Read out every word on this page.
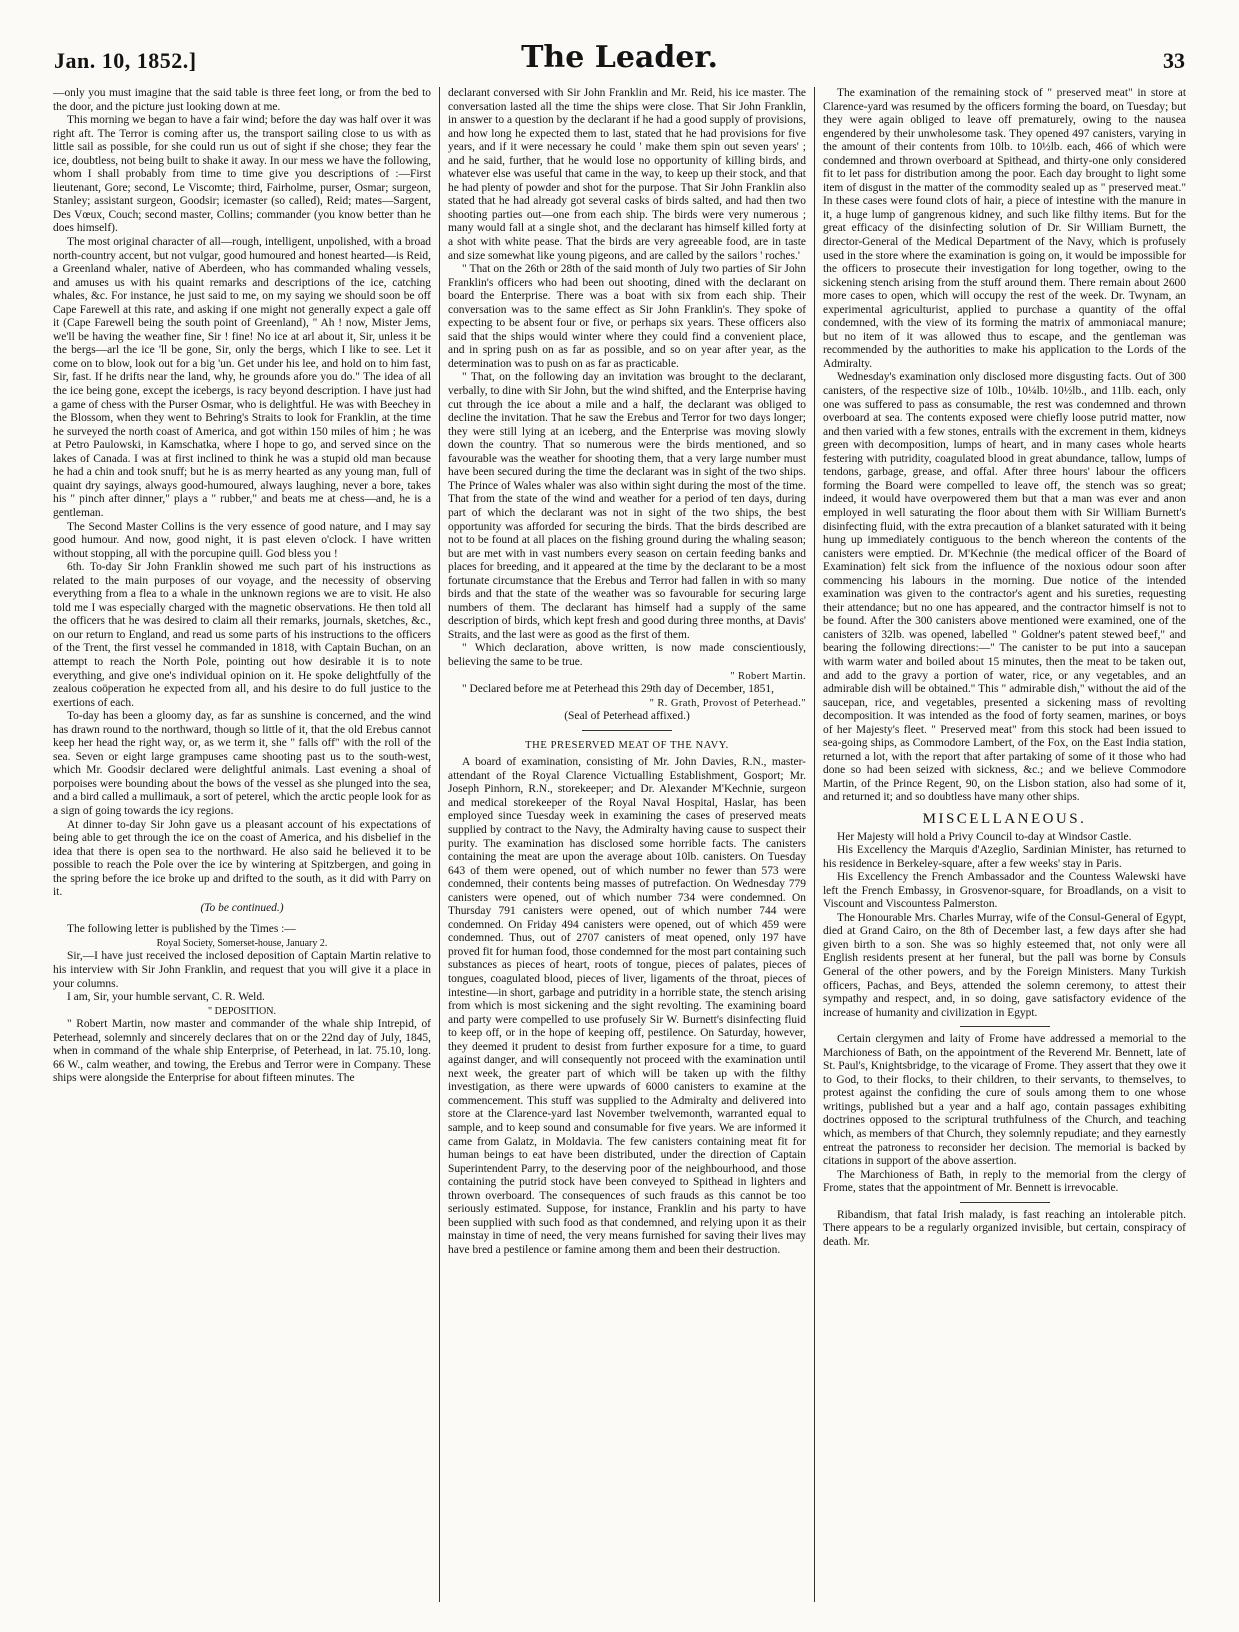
Jan. 10, 1852.]	The Leader.	33

—only you must imagine that the said table is three feet long, or from the bed to the door, and the picture just looking down at me.

This morning we began to have a fair wind; before the day was half over it was right aft. The Terror is coming after us, the transport sailing close to us with as little sail as possible, for she could run us out of sight if she chose; they fear the ice, doubtless, not being built to shake it away. In our mess we have the following, whom I shall probably from time to time give you descriptions of :—First lieutenant, Gore; second, Le Viscomte; third, Fairholme, purser, Osmar; surgeon, Stanley; assistant surgeon, Goodsir; icemaster (so called), Reid; mates—Sargent, Des Vœux, Couch; second master, Collins; commander (you know better than he does himself).

The most original character of all—rough, intelligent, unpolished, with a broad north-country accent, but not vulgar, good humoured and honest hearted—is Reid, a Greenland whaler, native of Aberdeen, who has commanded whaling vessels, and amuses us with his quaint remarks and descriptions of the ice, catching whales, &c. For instance, he just said to me, on my saying we should soon be off Cape Farewell at this rate, and asking if one might not generally expect a gale off it (Cape Farewell being the south point of Greenland), " Ah ! now, Mister Jems, we'll be having the weather fine, Sir ! fine! No ice at arl about it, Sir, unless it be the bergs—arl the ice 'll be gone, Sir, only the bergs, which I like to see. Let it come on to blow, look out for a big 'un. Get under his lee, and hold on to him fast, Sir, fast. If he drifts near the land, why, he grounds afore you do." The idea of all the ice being gone, except the icebergs, is racy beyond description. I have just had a game of chess with the Purser Osmar, who is delightful. He was with Beechey in the Blossom, when they went to Behring's Straits to look for Franklin, at the time he surveyed the north coast of America, and got within 150 miles of him ; he was at Petro Paulowski, in Kamschatka, where I hope to go, and served since on the lakes of Canada. I was at first inclined to think he was a stupid old man because he had a chin and took snuff; but he is as merry hearted as any young man, full of quaint dry sayings, always good-humoured, always laughing, never a bore, takes his " pinch after dinner," plays a " rubber," and beats me at chess—and, he is a gentleman.

The Second Master Collins is the very essence of good nature, and I may say good humour. And now, good night, it is past eleven o'clock. I have written without stopping, all with the porcupine quill. God bless you !

6th. To-day Sir John Franklin showed me such part of his instructions as related to the main purposes of our voyage, and the necessity of observing everything from a flea to a whale in the unknown regions we are to visit. He also told me I was especially charged with the magnetic observations. He then told all the officers that he was desired to claim all their remarks, journals, sketches, &c., on our return to England, and read us some parts of his instructions to the officers of the Trent, the first vessel he commanded in 1818, with Captain Buchan, on an attempt to reach the North Pole, pointing out how desirable it is to note everything, and give one's individual opinion on it. He spoke delightfully of the zealous coöperation he expected from all, and his desire to do full justice to the exertions of each.

To-day has been a gloomy day, as far as sunshine is concerned, and the wind has drawn round to the northward, though so little of it, that the old Erebus cannot keep her head the right way, or, as we term it, she " falls off" with the roll of the sea. Seven or eight large grampuses came shooting past us to the south-west, which Mr. Goodsir declared were delightful animals. Last evening a shoal of porpoises were bounding about the bows of the vessel as she plunged into the sea, and a bird called a mullimauk, a sort of peterel, which the arctic people look for as a sign of going towards the icy regions.

At dinner to-day Sir John gave us a pleasant account of his expectations of being able to get through the ice on the coast of America, and his disbelief in the idea that there is open sea to the northward. He also said he believed it to be possible to reach the Pole over the ice by wintering at Spitzbergen, and going in the spring before the ice broke up and drifted to the south, as it did with Parry on it.

(To be continued.)

The following letter is published by the Times :—

Royal Society, Somerset-house, January 2.

Sir,—I have just received the inclosed deposition of Captain Martin relative to his interview with Sir John Franklin, and request that you will give it a place in your columns.

I am, Sir, your humble servant, C. R. Weld.

" DEPOSITION.

" Robert Martin, now master and commander of the whale ship Intrepid, of Peterhead, solemnly and sincerely declares that on or the 22nd day of July, 1845, when in command of the whale ship Enterprise, of Peterhead, in lat. 75.10, long. 66 W., calm weather, and towing, the Erebus and Terror were in Company. These ships were alongside the Enterprise for about fifteen minutes. The

declarant conversed with Sir John Franklin and Mr. Reid, his ice master. The conversation lasted all the time the ships were close. That Sir John Franklin, in answer to a question by the declarant if he had a good supply of provisions, and how long he expected them to last, stated that he had provisions for five years, and if it were necessary he could ' make them spin out seven years' ; and he said, further, that he would lose no opportunity of killing birds, and whatever else was useful that came in the way, to keep up their stock, and that he had plenty of powder and shot for the purpose. That Sir John Franklin also stated that he had already got several casks of birds salted, and had then two shooting parties out—one from each ship. The birds were very numerous ; many would fall at a single shot, and the declarant has himself killed forty at a shot with white pease. That the birds are very agreeable food, are in taste and size somewhat like young pigeons, and are called by the sailors ' roches.'

" That on the 26th or 28th of the said month of July two parties of Sir John Franklin's officers who had been out shooting, dined with the declarant on board the Enterprise. There was a boat with six from each ship. Their conversation was to the same effect as Sir John Franklin's. They spoke of expecting to be absent four or five, or perhaps six years. These officers also said that the ships would winter where they could find a convenient place, and in spring push on as far as possible, and so on year after year, as the determination was to push on as far as practicable.

" That, on the following day an invitation was brought to the declarant, verbally, to dine with Sir John, but the wind shifted, and the Enterprise having cut through the ice about a mile and a half, the declarant was obliged to decline the invitation. That he saw the Erebus and Terror for two days longer; they were still lying at an iceberg, and the Enterprise was moving slowly down the country. That so numerous were the birds mentioned, and so favourable was the weather for shooting them, that a very large number must have been secured during the time the declarant was in sight of the two ships. The Prince of Wales whaler was also within sight during the most of the time. That from the state of the wind and weather for a period of ten days, during part of which the declarant was not in sight of the two ships, the best opportunity was afforded for securing the birds. That the birds described are not to be found at all places on the fishing ground during the whaling season; but are met with in vast numbers every season on certain feeding banks and places for breeding, and it appeared at the time by the declarant to be a most fortunate circumstance that the Erebus and Terror had fallen in with so many birds and that the state of the weather was so favourable for securing large numbers of them. The declarant has himself had a supply of the same description of birds, which kept fresh and good during three months, at Davis' Straits, and the last were as good as the first of them.

" Which declaration, above written, is now made conscientiously, believing the same to be true.

" Robert Martin.

" Declared before me at Peterhead this 29th day of December, 1851,

" R. Grath, Provost of Peterhead."

(Seal of Peterhead affixed.)

THE PRESERVED MEAT OF THE NAVY.

A board of examination, consisting of Mr. John Davies, R.N., master-attendant of the Royal Clarence Victualling Establishment, Gosport; Mr. Joseph Pinhorn, R.N., storekeeper; and Dr. Alexander M'Kechnie, surgeon and medical storekeeper of the Royal Naval Hospital, Haslar, has been employed since Tuesday week in examining the cases of preserved meats supplied by contract to the Navy, the Admiralty having cause to suspect their purity. The examination has disclosed some horrible facts. The canisters containing the meat are upon the average about 10lb. canisters. On Tuesday 643 of them were opened, out of which number no fewer than 573 were condemned, their contents being masses of putrefaction. On Wednesday 779 canisters were opened, out of which number 734 were condemned. On Thursday 791 canisters were opened, out of which number 744 were condemned. On Friday 494 canisters were opened, out of which 459 were condemned. Thus, out of 2707 canisters of meat opened, only 197 have proved fit for human food, those condemned for the most part containing such substances as pieces of heart, roots of tongue, pieces of palates, pieces of tongues, coagulated blood, pieces of liver, ligaments of the throat, pieces of intestine—in short, garbage and putridity in a horrible state, the stench arising from which is most sickening and the sight revolting. The examining board and party were compelled to use profusely Sir W. Burnett's disinfecting fluid to keep off, or in the hope of keeping off, pestilence. On Saturday, however, they deemed it prudent to desist from further exposure for a time, to guard against danger, and will consequently not proceed with the examination until next week, the greater part of which will be taken up with the filthy investigation, as there were upwards of 6000 canisters to examine at the commencement. This stuff was supplied to the Admiralty and delivered into store at the Clarence-yard last November twelvemonth, warranted equal to sample, and to keep sound and consumable for five years. We are informed it came from Galatz, in Moldavia. The few canisters containing meat fit for human beings to eat have been distributed, under the direction of Captain Superintendent Parry, to the deserving poor of the neighbourhood, and those containing the putrid stock have been conveyed to Spithead in lighters and thrown overboard. The consequences of such frauds as this cannot be too seriously estimated. Suppose, for instance, Franklin and his party to have been supplied with such food as that condemned, and relying upon it as their mainstay in time of need, the very means furnished for saving their lives may have bred a pestilence or famine among them and been their destruction.

The examination of the remaining stock of " preserved meat" in store at Clarence-yard was resumed by the officers forming the board, on Tuesday; but they were again obliged to leave off prematurely, owing to the nausea engendered by their unwholesome task. They opened 497 canisters, varying in the amount of their contents from 10lb. to 10½lb. each, 466 of which were condemned and thrown overboard at Spithead, and thirty-one only considered fit to let pass for distribution among the poor. Each day brought to light some item of disgust in the matter of the commodity sealed up as " preserved meat." In these cases were found clots of hair, a piece of intestine with the manure in it, a huge lump of gangrenous kidney, and such like filthy items. But for the great efficacy of the disinfecting solution of Dr. Sir William Burnett, the director-General of the Medical Department of the Navy, which is profusely used in the store where the examination is going on, it would be impossible for the officers to prosecute their investigation for long together, owing to the sickening stench arising from the stuff around them. There remain about 2600 more cases to open, which will occupy the rest of the week. Dr. Twynam, an experimental agriculturist, applied to purchase a quantity of the offal condemned, with the view of its forming the matrix of ammoniacal manure; but no item of it was allowed thus to escape, and the gentleman was recommended by the authorities to make his application to the Lords of the Admiralty.

Wednesday's examination only disclosed more disgusting facts. Out of 300 canisters, of the respective size of 10lb., 10¼lb. 10½lb., and 11lb. each, only one was suffered to pass as consumable, the rest was condemned and thrown overboard at sea. The contents exposed were chiefly loose putrid matter, now and then varied with a few stones, entrails with the excrement in them, kidneys green with decomposition, lumps of heart, and in many cases whole hearts festering with putridity, coagulated blood in great abundance, tallow, lumps of tendons, garbage, grease, and offal. After three hours' labour the officers forming the Board were compelled to leave off, the stench was so great; indeed, it would have overpowered them but that a man was ever and anon employed in well saturating the floor about them with Sir William Burnett's disinfecting fluid, with the extra precaution of a blanket saturated with it being hung up immediately contiguous to the bench whereon the contents of the canisters were emptied. Dr. M'Kechnie (the medical officer of the Board of Examination) felt sick from the influence of the noxious odour soon after commencing his labours in the morning. Due notice of the intended examination was given to the contractor's agent and his sureties, requesting their attendance; but no one has appeared, and the contractor himself is not to be found. After the 300 canisters above mentioned were examined, one of the canisters of 32lb. was opened, labelled " Goldner's patent stewed beef," and bearing the following directions:—" The canister to be put into a saucepan with warm water and boiled about 15 minutes, then the meat to be taken out, and add to the gravy a portion of water, rice, or any vegetables, and an admirable dish will be obtained." This " admirable dish," without the aid of the saucepan, rice, and vegetables, presented a sickening mass of revolting decomposition. It was intended as the food of forty seamen, marines, or boys of her Majesty's fleet. " Preserved meat" from this stock had been issued to sea-going ships, as Commodore Lambert, of the Fox, on the East India station, returned a lot, with the report that after partaking of some of it those who had done so had been seized with sickness, &c.; and we believe Commodore Martin, of the Prince Regent, 90, on the Lisbon station, also had some of it, and returned it; and so doubtless have many other ships.

MISCELLANEOUS.

Her Majesty will hold a Privy Council to-day at Windsor Castle.

His Excellency the Marquis d'Azeglio, Sardinian Minister, has returned to his residence in Berkeley-square, after a few weeks' stay in Paris.

His Excellency the French Ambassador and the Countess Walewski have left the French Embassy, in Grosvenor-square, for Broadlands, on a visit to Viscount and Viscountess Palmerston.

The Honourable Mrs. Charles Murray, wife of the Consul-General of Egypt, died at Grand Cairo, on the 8th of December last, a few days after she had given birth to a son. She was so highly esteemed that, not only were all English residents present at her funeral, but the pall was borne by Consuls General of the other powers, and by the Foreign Ministers. Many Turkish officers, Pachas, and Beys, attended the solemn ceremony, to attest their sympathy and respect, and, in so doing, gave satisfactory evidence of the increase of humanity and civilization in Egypt.

Certain clergymen and laity of Frome have addressed a memorial to the Marchioness of Bath, on the appointment of the Reverend Mr. Bennett, late of St. Paul's, Knightsbridge, to the vicarage of Frome. They assert that they owe it to God, to their flocks, to their children, to their servants, to themselves, to protest against the confiding the cure of souls among them to one whose writings, published but a year and a half ago, contain passages exhibiting doctrines opposed to the scriptural truthfulness of the Church, and teaching which, as members of that Church, they solemnly repudiate; and they earnestly entreat the patroness to reconsider her decision. The memorial is backed by citations in support of the above assertion.

The Marchioness of Bath, in reply to the memorial from the clergy of Frome, states that the appointment of Mr. Bennett is irrevocable.

Ribandism, that fatal Irish malady, is fast reaching an intolerable pitch. There appears to be a regularly organized invisible, but certain, conspiracy of death. Mr.
